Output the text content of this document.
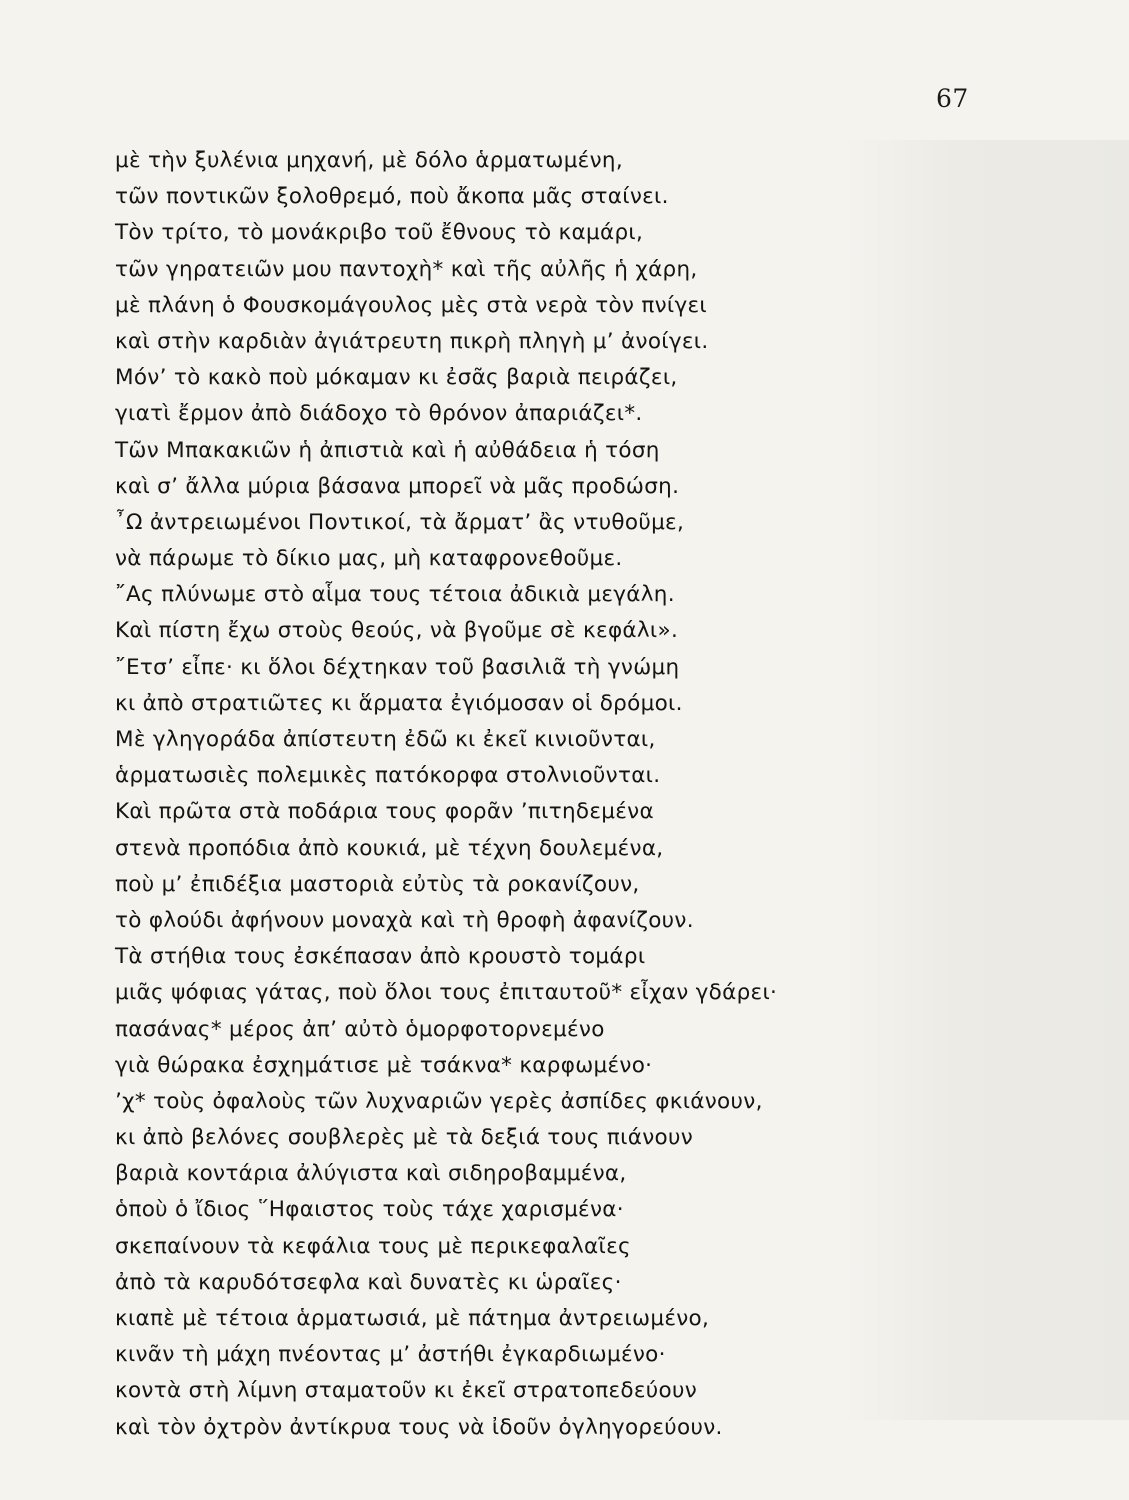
67
μὲ τὴν ξυλένια μηχανή, μὲ δόλο ἁρματωμένη,
τῶν ποντικῶν ξολοθρεμό, ποὺ ἄκοπα μᾶς σταίνει.
Τὸν τρίτο, τὸ μονάκριβο τοῦ ἔθνους τὸ καμάρι,
τῶν γηρατειῶν μου παντοχὴ* καὶ τῆς αὐλῆς ἡ χάρη,
μὲ πλάνη ὁ Φουσκομάγουλος μὲς στὰ νερὰ τὸν πνίγει
καὶ στὴν καρδιὰν ἀγιάτρευτη πικρὴ πληγὴ μ’ ἀνοίγει.
Μόν’ τὸ κακὸ ποὺ μόκαμαν κι ἐσᾶς βαριὰ πειράζει,
γιατὶ ἔρμον ἀπὸ διάδοχο τὸ θρόνον ἀπαριάζει*.
Τῶν Μπακακιῶν ἡ ἀπιστιὰ καὶ ἡ αὐθάδεια ἡ τόση
καὶ σ’ ἄλλα μύρια βάσανα μπορεῖ νὰ μᾶς προδώση.
῏Ω ἀντρειωμένοι Ποντικοί, τὰ ἄρματ’ ἂς ντυθοῦμε,
νὰ πάρωμε τὸ δίκιο μας, μὴ καταφρονεθοῦμε.
῎Ας πλύνωμε στὸ αἷμα τους τέτοια ἀδικιὰ μεγάλη.
Καὶ πίστη ἔχω στοὺς θεούς, νὰ βγοῦμε σὲ κεφάλι».
῎Ετσ’ εἶπε· κι ὅλοι δέχτηκαν τοῦ βασιλιᾶ τὴ γνώμη
κι ἀπὸ στρατιῶτες κι ἅρματα ἐγιόμοσαν οἱ δρόμοι.
Μὲ γληγοράδα ἀπίστευτη ἐδῶ κι ἐκεῖ κινιοῦνται,
ἁρματωσιὲς πολεμικὲς πατόκορφα στολνιοῦνται.
Καὶ πρῶτα στὰ ποδάρια τους φορᾶν ’πιτηδεμένα
στενὰ προπόδια ἀπὸ κουκιά, μὲ τέχνη δουλεμένα,
ποὺ μ’ ἐπιδέξια μαστοριὰ εὐτὺς τὰ ροκανίζουν,
τὸ φλούδι ἀφήνουν μοναχὰ καὶ τὴ θροφὴ ἀφανίζουν.
Τὰ στήθια τους ἐσκέπασαν ἀπὸ κρουστὸ τομάρι
μιᾶς ψόφιας γάτας, ποὺ ὅλοι τους ἐπιταυτοῦ* εἶχαν γδάρει·
πασάνας* μέρος ἀπ’ αὐτὸ ὁμορφοτορνεμένο
γιὰ θώρακα ἐσχημάτισε μὲ τσάκνα* καρφωμένο·
’χ* τοὺς ὀφαλοὺς τῶν λυχναριῶν γερὲς ἀσπίδες φκιάνουν,
κι ἀπὸ βελόνες σουβλερὲς μὲ τὰ δεξιά τους πιάνουν
βαριὰ κοντάρια ἀλύγιστα καὶ σιδηροβαμμένα,
ὁποὺ ὁ ἴδιος ῞Ηφαιστος τοὺς τάχε χαρισμένα·
σκεπαίνουν τὰ κεφάλια τους μὲ περικεφαλαῖες
ἀπὸ τὰ καρυδότσεφλα καὶ δυνατὲς κι ὡραῖες·
κιαπὲ μὲ τέτοια ἁρματωσιά, μὲ πάτημα ἀντρειωμένο,
κινᾶν τὴ μάχη πνέοντας μ’ ἀστήθι ἐγκαρδιωμένο·
κοντὰ στὴ λίμνη σταματοῦν κι ἐκεῖ στρατοπεδεύουν
καὶ τὸν ὀχτρὸν ἀντίκρυα τους νὰ ἰδοῦν ὀγληγορεύουν.
